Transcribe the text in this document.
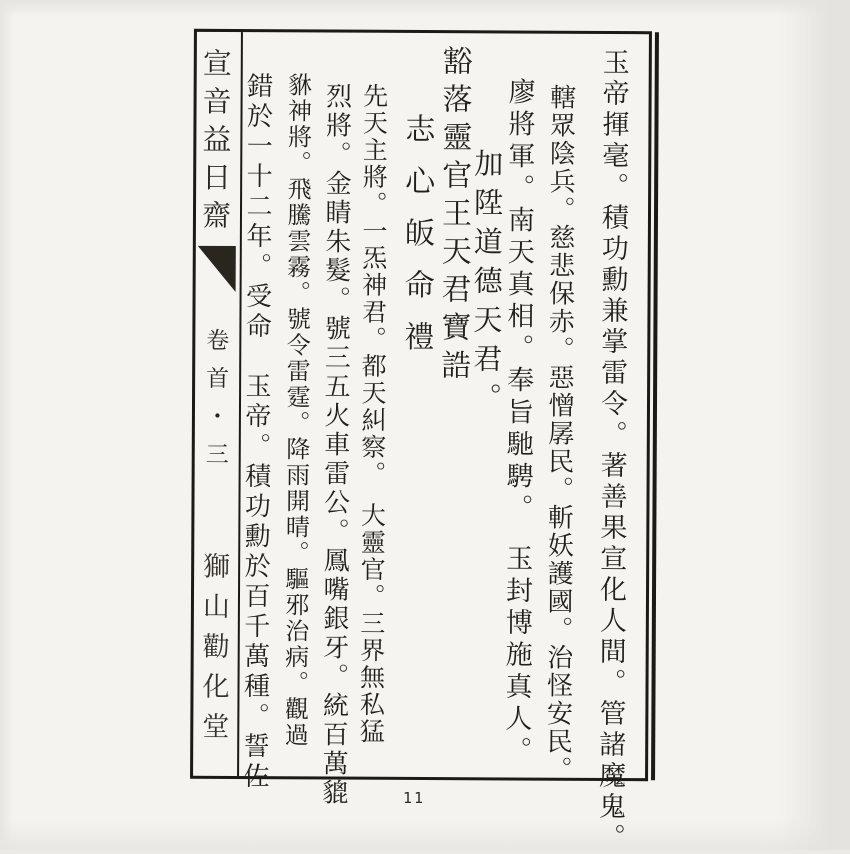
宣音益日齋
卷首・三
獅山勸化堂	玉帝揮毫。積功勳兼掌雷令。著善果宣化人間。管諸魔鬼。
轄眾陰兵。慈悲保赤。惡憎孱民。斬妖護國。治怪安民。
廖將軍。南天真相。奉旨馳騁。　玉封博施真人。
加陞道德天君。
豁落靈官王天君寶誥
志心皈命禮
先天主將。一炁神君。都天糾察。　大靈官。三界無私猛
烈將。金睛朱髮。號三五火車雷公。鳳嘴銀牙。統百萬貔
貅神將。飛騰雲霧。號令雷霆。降雨開晴。驅邪治病。觀過
錯於一十二年。受命　玉帝。積功勳於百千萬種。誓佐
11
